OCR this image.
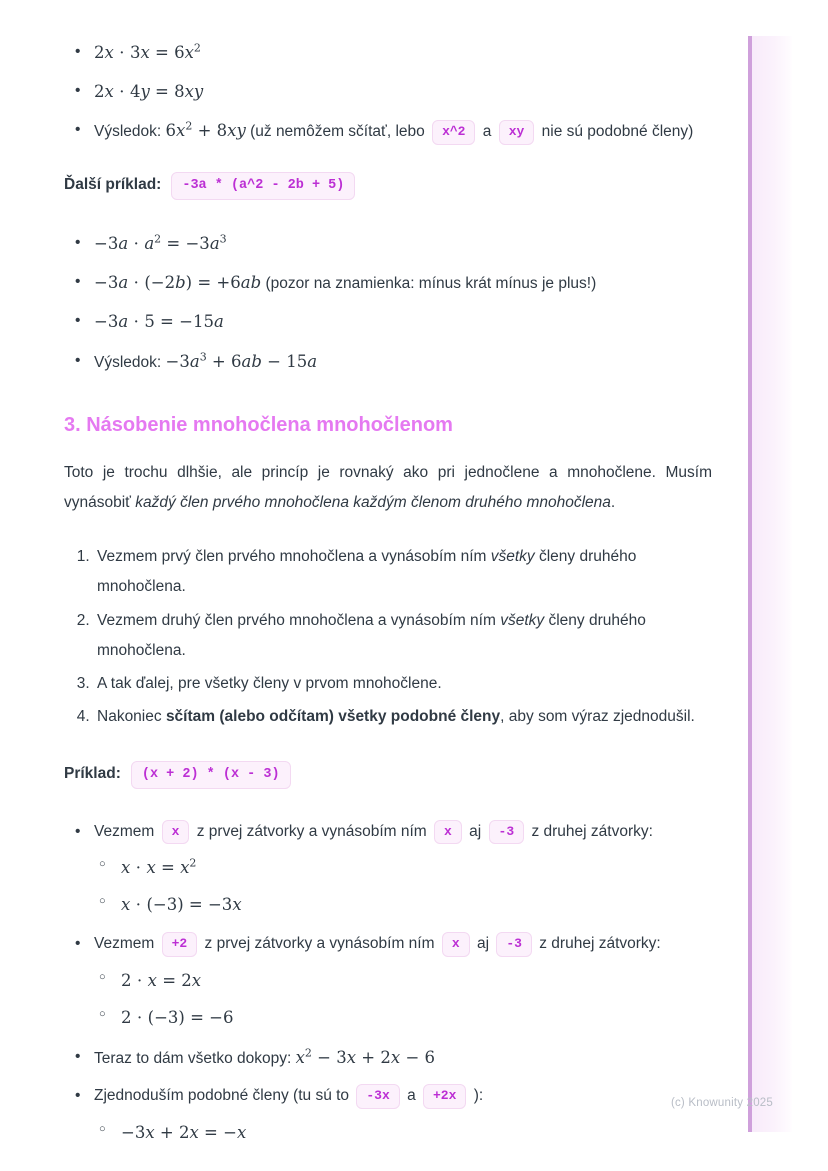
• $2x \cdot 3x = 6x^2$
• 2x ⋅ 4y = 8xy
• Výsledok: $6x^2 + 8xy$ (už nemôžem sčítať, lebo x^2 a xy nie sú podobné členy)
Ďalší príklad: -3a * (a^2 - 2b + 5)
• $-3a \cdot a^2 = -3a^3$
• −3a ⋅ (−2b) = +6ab (pozor na znamienka: mínus krát mínus je plus!)
• −3a ⋅ 5 = −15a
• Výsledok: $-3a^3 + 6ab - 15a$
3. Násobenie mnohočlena mnohočlenom

Toto je trochu dlhšie, ale princíp je rovnaký ako pri jednočlene a mnohočlene. Musím vynásobiť každý člen prvého mnohočlena každým členom druhého mnohočlena.

1. Vezmem prvý člen prvého mnohočlena a vynásobím ním všetky členy druhého mnohočlena.
2. Vezmem druhý člen prvého mnohočlena a vynásobím ním všetky členy druhého mnohočlena.
3. A tak ďalej, pre všetky členy v prvom mnohočlene.
4. Nakoniec sčítam (alebo odčítam) všetky podobné členy, aby som výraz zjednodušil.
Príklad: (x + 2) * (x - 3)
• Vezmem x z prvej zátvorky a vynásobím ním x aj -3 z druhej zátvorky:
○ $x \cdot x = x^2$
○ x ⋅ (−3) = −3x
• Vezmem +2 z prvej zátvorky a vynásobím ním x aj -3 z druhej zátvorky:
○ 2 ⋅ x = 2x
○ 2 ⋅ (−3) = −6
• Teraz to dám všetko dokopy: $x^2 - 3x + 2x - 6$
• Zjednoduším podobné členy (tu sú to -3x a +2x ):
○ −3x + 2x = −x
(c) Knowunity 2025
